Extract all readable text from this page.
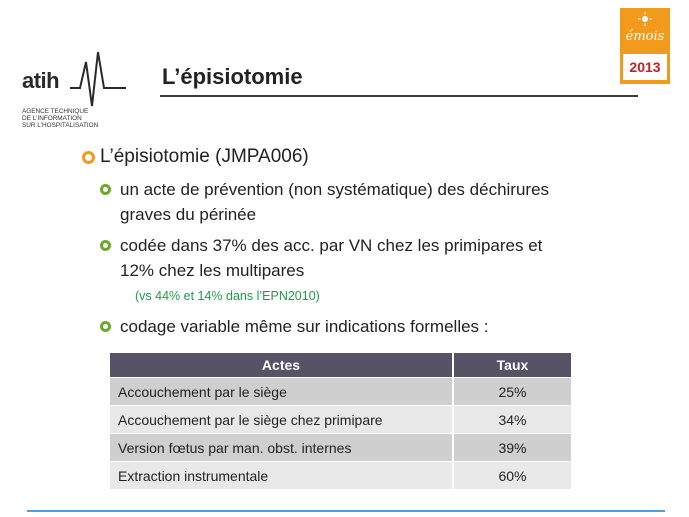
atih
AGENCE TECHNIQUE
DE L'INFORMATION
SUR L'HOSPITALISATION
émois
2013
L’épisiotomie
L’épisiotomie (JMPA006)
un acte de prévention (non systématique) des déchirures graves du périnée
codée dans 37% des acc. par VN chez les primipares et 12% chez les multipares
(vs 44% et 14% dans l’EPN2010)
codage variable même sur indications formelles :
Actes	Taux
Accouchement par le siège	25%
Accouchement par le siège chez primipare	34%
Version fœtus par man. obst. internes	39%
Extraction instrumentale	60%
